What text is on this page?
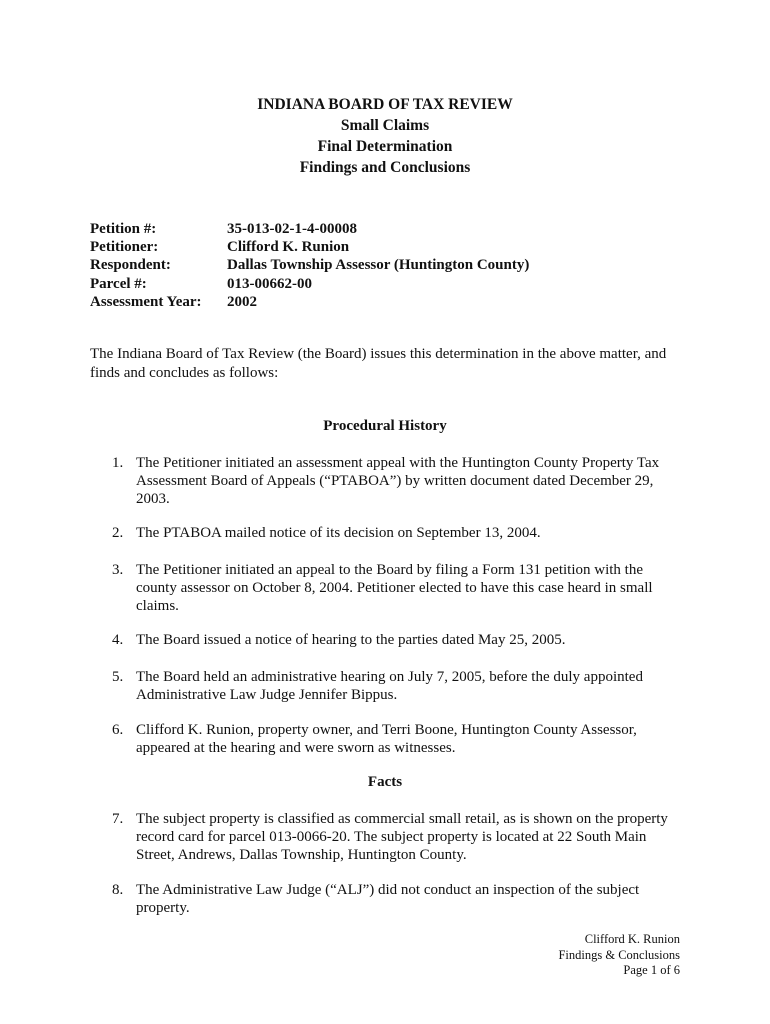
INDIANA BOARD OF TAX REVIEW
Small Claims
Final Determination
Findings and Conclusions
Petition #:	35-013-02-1-4-00008
Petitioner:	Clifford K. Runion
Respondent:	Dallas Township Assessor (Huntington County)
Parcel #:	013-00662-00
Assessment Year:	2002
The Indiana Board of Tax Review (the Board) issues this determination in the above matter, and finds and concludes as follows:
Procedural History
1. The Petitioner initiated an assessment appeal with the Huntington County Property Tax Assessment Board of Appeals (“PTABOA”) by written document dated December 29, 2003.
2. The PTABOA mailed notice of its decision on September 13, 2004.
3. The Petitioner initiated an appeal to the Board by filing a Form 131 petition with the county assessor on October 8, 2004. Petitioner elected to have this case heard in small claims.
4. The Board issued a notice of hearing to the parties dated May 25, 2005.
5. The Board held an administrative hearing on July 7, 2005, before the duly appointed Administrative Law Judge Jennifer Bippus.
6. Clifford K. Runion, property owner, and Terri Boone, Huntington County Assessor, appeared at the hearing and were sworn as witnesses.
Facts
7. The subject property is classified as commercial small retail, as is shown on the property record card for parcel 013-0066-20. The subject property is located at 22 South Main Street, Andrews, Dallas Township, Huntington County.
8. The Administrative Law Judge (“ALJ”) did not conduct an inspection of the subject property.
Clifford K. Runion
Findings & Conclusions
Page 1 of 6
